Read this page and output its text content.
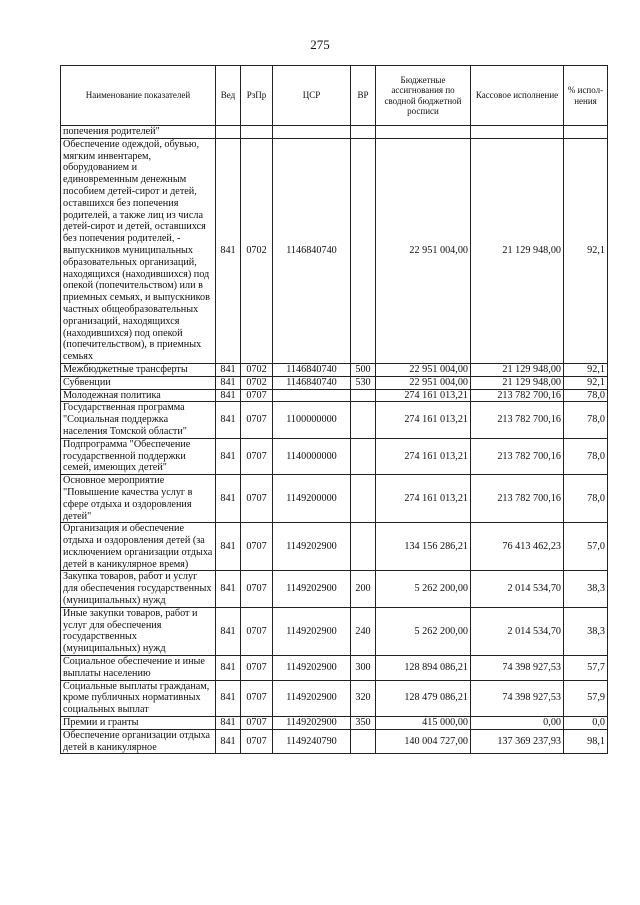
275
Наименование показателей	Вед	РзПр	ЦСР	ВР	Бюджетные ассигнования по сводной бюджетной росписи	Кассовое исполнение	% испол-нения
попечения родителей"							
Обеспечение одеждой, обувью, мягким инвентарем, оборудованием и единовременным денежным пособием детей-сирот и детей, оставшихся без попечения родителей, а также лиц из числа детей-сирот и детей, оставшихся без попечения родителей, - выпускников муниципальных образовательных организаций, находящихся (находившихся) под опекой (попечительством) или в приемных семьях, и выпускников частных общеобразовательных организаций, находящихся (находившихся) под опекой (попечительством), в приемных семьях	841	0702	1146840740		22 951 004,00	21 129 948,00	92,1
Межбюджетные трансферты	841	0702	1146840740	500	22 951 004,00	21 129 948,00	92,1
Субвенции	841	0702	1146840740	530	22 951 004,00	21 129 948,00	92,1
Молодежная политика	841	0707			274 161 013,21	213 782 700,16	78,0
Государственная программа "Социальная поддержка населения Томской области"	841	0707	1100000000		274 161 013,21	213 782 700,16	78,0
Подпрограмма "Обеспечение государственной поддержки семей, имеющих детей"	841	0707	1140000000		274 161 013,21	213 782 700,16	78,0
Основное мероприятие "Повышение качества услуг в сфере отдыха и оздоровления детей"	841	0707	1149200000		274 161 013,21	213 782 700,16	78,0
Организация и обеспечение отдыха и оздоровления детей (за исключением организации отдыха детей в каникулярное время)	841	0707	1149202900		134 156 286,21	76 413 462,23	57,0
Закупка товаров, работ и услуг для обеспечения государственных (муниципальных) нужд	841	0707	1149202900	200	5 262 200,00	2 014 534,70	38,3
Иные закупки товаров, работ и услуг для обеспечения государственных (муниципальных) нужд	841	0707	1149202900	240	5 262 200,00	2 014 534,70	38,3
Социальное обеспечение и иные выплаты населению	841	0707	1149202900	300	128 894 086,21	74 398 927,53	57,7
Социальные выплаты гражданам, кроме публичных нормативных социальных выплат	841	0707	1149202900	320	128 479 086,21	74 398 927,53	57,9
Премии и гранты	841	0707	1149202900	350	415 000,00	0,00	0,0
Обеспечение организации отдыха детей в каникулярное	841	0707	1149240790		140 004 727,00	137 369 237,93	98,1
